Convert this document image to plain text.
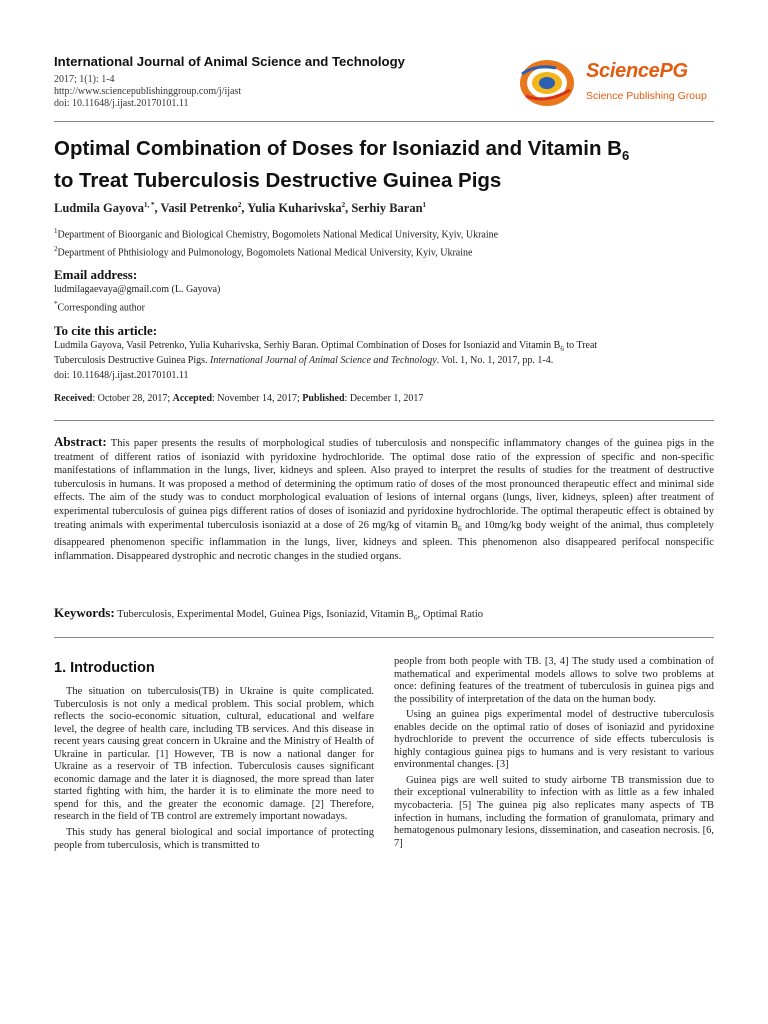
International Journal of Animal Science and Technology
2017; 1(1): 1-4
http://www.sciencepublishinggroup.com/j/ijast
doi: 10.11648/j.ijast.20170101.11
SciencePG
Science Publishing Group
Optimal Combination of Doses for Isoniazid and Vitamin $B_6$
to Treat Tuberculosis Destructive Guinea Pigs
Ludmila Gayova$^{1, *}$, Vasil Petrenko$^2$, Yulia Kuharivska$^2$, Serhiy Baran$^1$
$^1$Department of Bioorganic and Biological Chemistry, Bogomolets National Medical University, Kyiv, Ukraine
$^2$Department of Phthisiology and Pulmonology, Bogomolets National Medical University, Kyiv, Ukraine
Email address:
ludmilagaevaya@gmail.com (L. Gayova)
*Corresponding author
To cite this article:
Ludmila Gayova, Vasil Petrenko, Yulia Kuharivska, Serhiy Baran. Optimal Combination of Doses for Isoniazid and Vitamin $B_6$ to Treat
Tuberculosis Destructive Guinea Pigs. International Journal of Animal Science and Technology. Vol. 1, No. 1, 2017, pp. 1-4.
doi: 10.11648/j.ijast.20170101.11
Received: October 28, 2017; Accepted: November 14, 2017; Published: December 1, 2017
Abstract: This paper presents the results of morphological studies of tuberculosis and nonspecific inflammatory changes of the guinea pigs in the treatment of different ratios of isoniazid with pyridoxine hydrochloride. The optimal dose ratio of the expression of specific and non-specific manifestations of inflammation in the lungs, liver, kidneys and spleen. Also prayed to interpret the results of studies for the treatment of destructive tuberculosis in humans. It was proposed a method of determining the optimum ratio of doses of the most pronounced therapeutic effect and minimal side effects. The aim of the study was to conduct morphological evaluation of lesions of internal organs (lungs, liver, kidneys, spleen) after treatment of experimental tuberculosis of guinea pigs different ratios of doses of isoniazid and pyridoxine hydrochloride. The optimal therapeutic effect is obtained by treating animals with experimental tuberculosis isoniazid at a dose of 26 mg/kg of vitamin $B_6$ and 10mg/kg body weight of the animal, thus completely disappeared phenomenon specific inflammation in the lungs, liver, kidneys and spleen. This phenomenon also disappeared perifocal nonspecific inflammation. Disappeared dystrophic and necrotic changes in the studied organs.
Keywords: Tuberculosis, Experimental Model, Guinea Pigs, Isoniazid, Vitamin $B_6$, Optimal Ratio
1. Introduction

The situation on tuberculosis(TB) in Ukraine is quite complicated. Tuberculosis is not only a medical problem. This social problem, which reflects the socio-economic situation, cultural, educational and welfare level, the degree of health care, including TB services. And this disease in recent years causing great concern in Ukraine and the Ministry of Health of Ukraine in particular. [1] However, TB is now a national danger for Ukraine as a reservoir of TB infection. Tuberculosis causes significant economic damage and the later it is diagnosed, the more spread than later started fighting with him, the harder it is to eliminate the more need to spend for this, and the greater the economic damage. [2] Therefore, research in the field of TB control are extremely important nowadays.

This study has general biological and social importance of protecting people from tuberculosis, which is transmitted to

people from both people with TB. [3, 4] The study used a combination of mathematical and experimental models allows to solve two problems at once: defining features of the treatment of tuberculosis in guinea pigs and the possibility of interpretation of the data on the human body.

Using an guinea pigs experimental model of destructive tuberculosis enables decide on the optimal ratio of doses of isoniazid and pyridoxine hydrochloride to prevent the occurrence of side effects tuberculosis is highly contagious guinea pigs to humans and is very resistant to various environmental changes. [3]

Guinea pigs are well suited to study airborne TB transmission due to their exceptional vulnerability to infection with as little as a few inhaled mycobacteria. [5] The guinea pig also replicates many aspects of TB infection in humans, including the formation of granulomata, primary and hematogenous pulmonary lesions, dissemination, and caseation necrosis. [6, 7]
